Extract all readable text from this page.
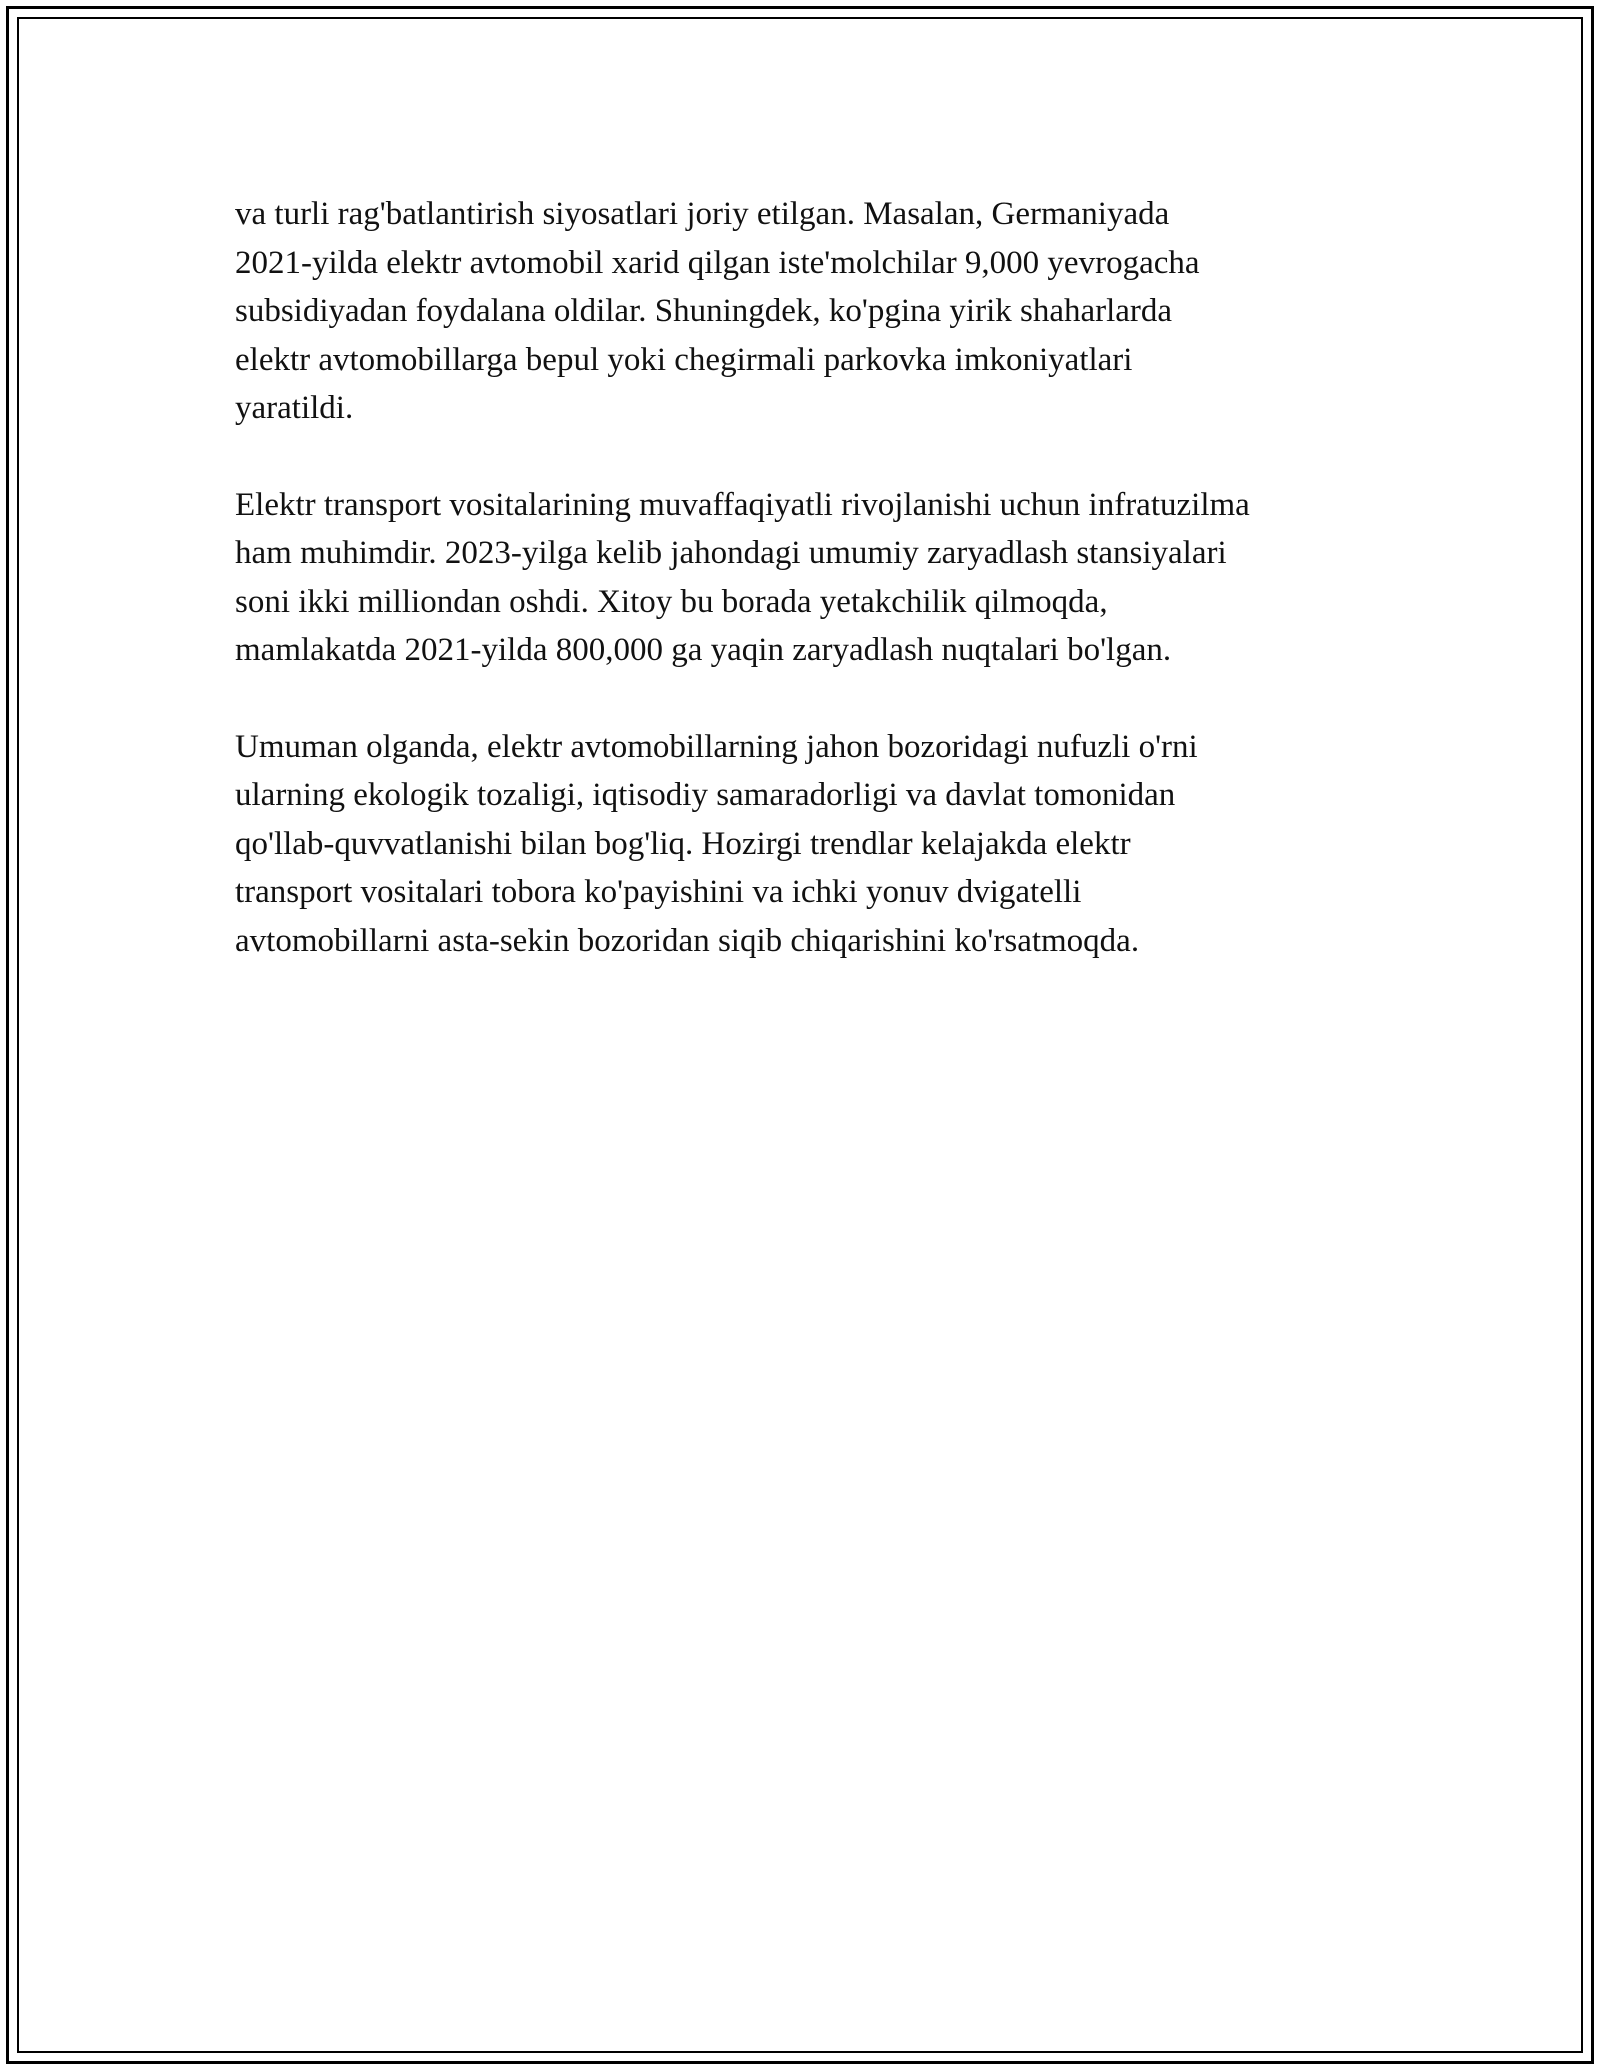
va turli rag'batlantirish siyosatlari joriy etilgan. Masalan, Germaniyada
2021-yilda elektr avtomobil xarid qilgan iste'molchilar 9,000 yevrogacha
subsidiyadan foydalana oldilar. Shuningdek, ko'pgina yirik shaharlarda
elektr avtomobillarga bepul yoki chegirmali parkovka imkoniyatlari
yaratildi.

Elektr transport vositalarining muvaffaqiyatli rivojlanishi uchun infratuzilma
ham muhimdir. 2023-yilga kelib jahondagi umumiy zaryadlash stansiyalari
soni ikki milliondan oshdi. Xitoy bu borada yetakchilik qilmoqda,
mamlakatda 2021-yilda 800,000 ga yaqin zaryadlash nuqtalari bo'lgan.

Umuman olganda, elektr avtomobillarning jahon bozoridagi nufuzli o'rni
ularning ekologik tozaligi, iqtisodiy samaradorligi va davlat tomonidan
qo'llab-quvvatlanishi bilan bog'liq. Hozirgi trendlar kelajakda elektr
transport vositalari tobora ko'payishini va ichki yonuv dvigatelli
avtomobillarni asta-sekin bozoridan siqib chiqarishini ko'rsatmoqda.
